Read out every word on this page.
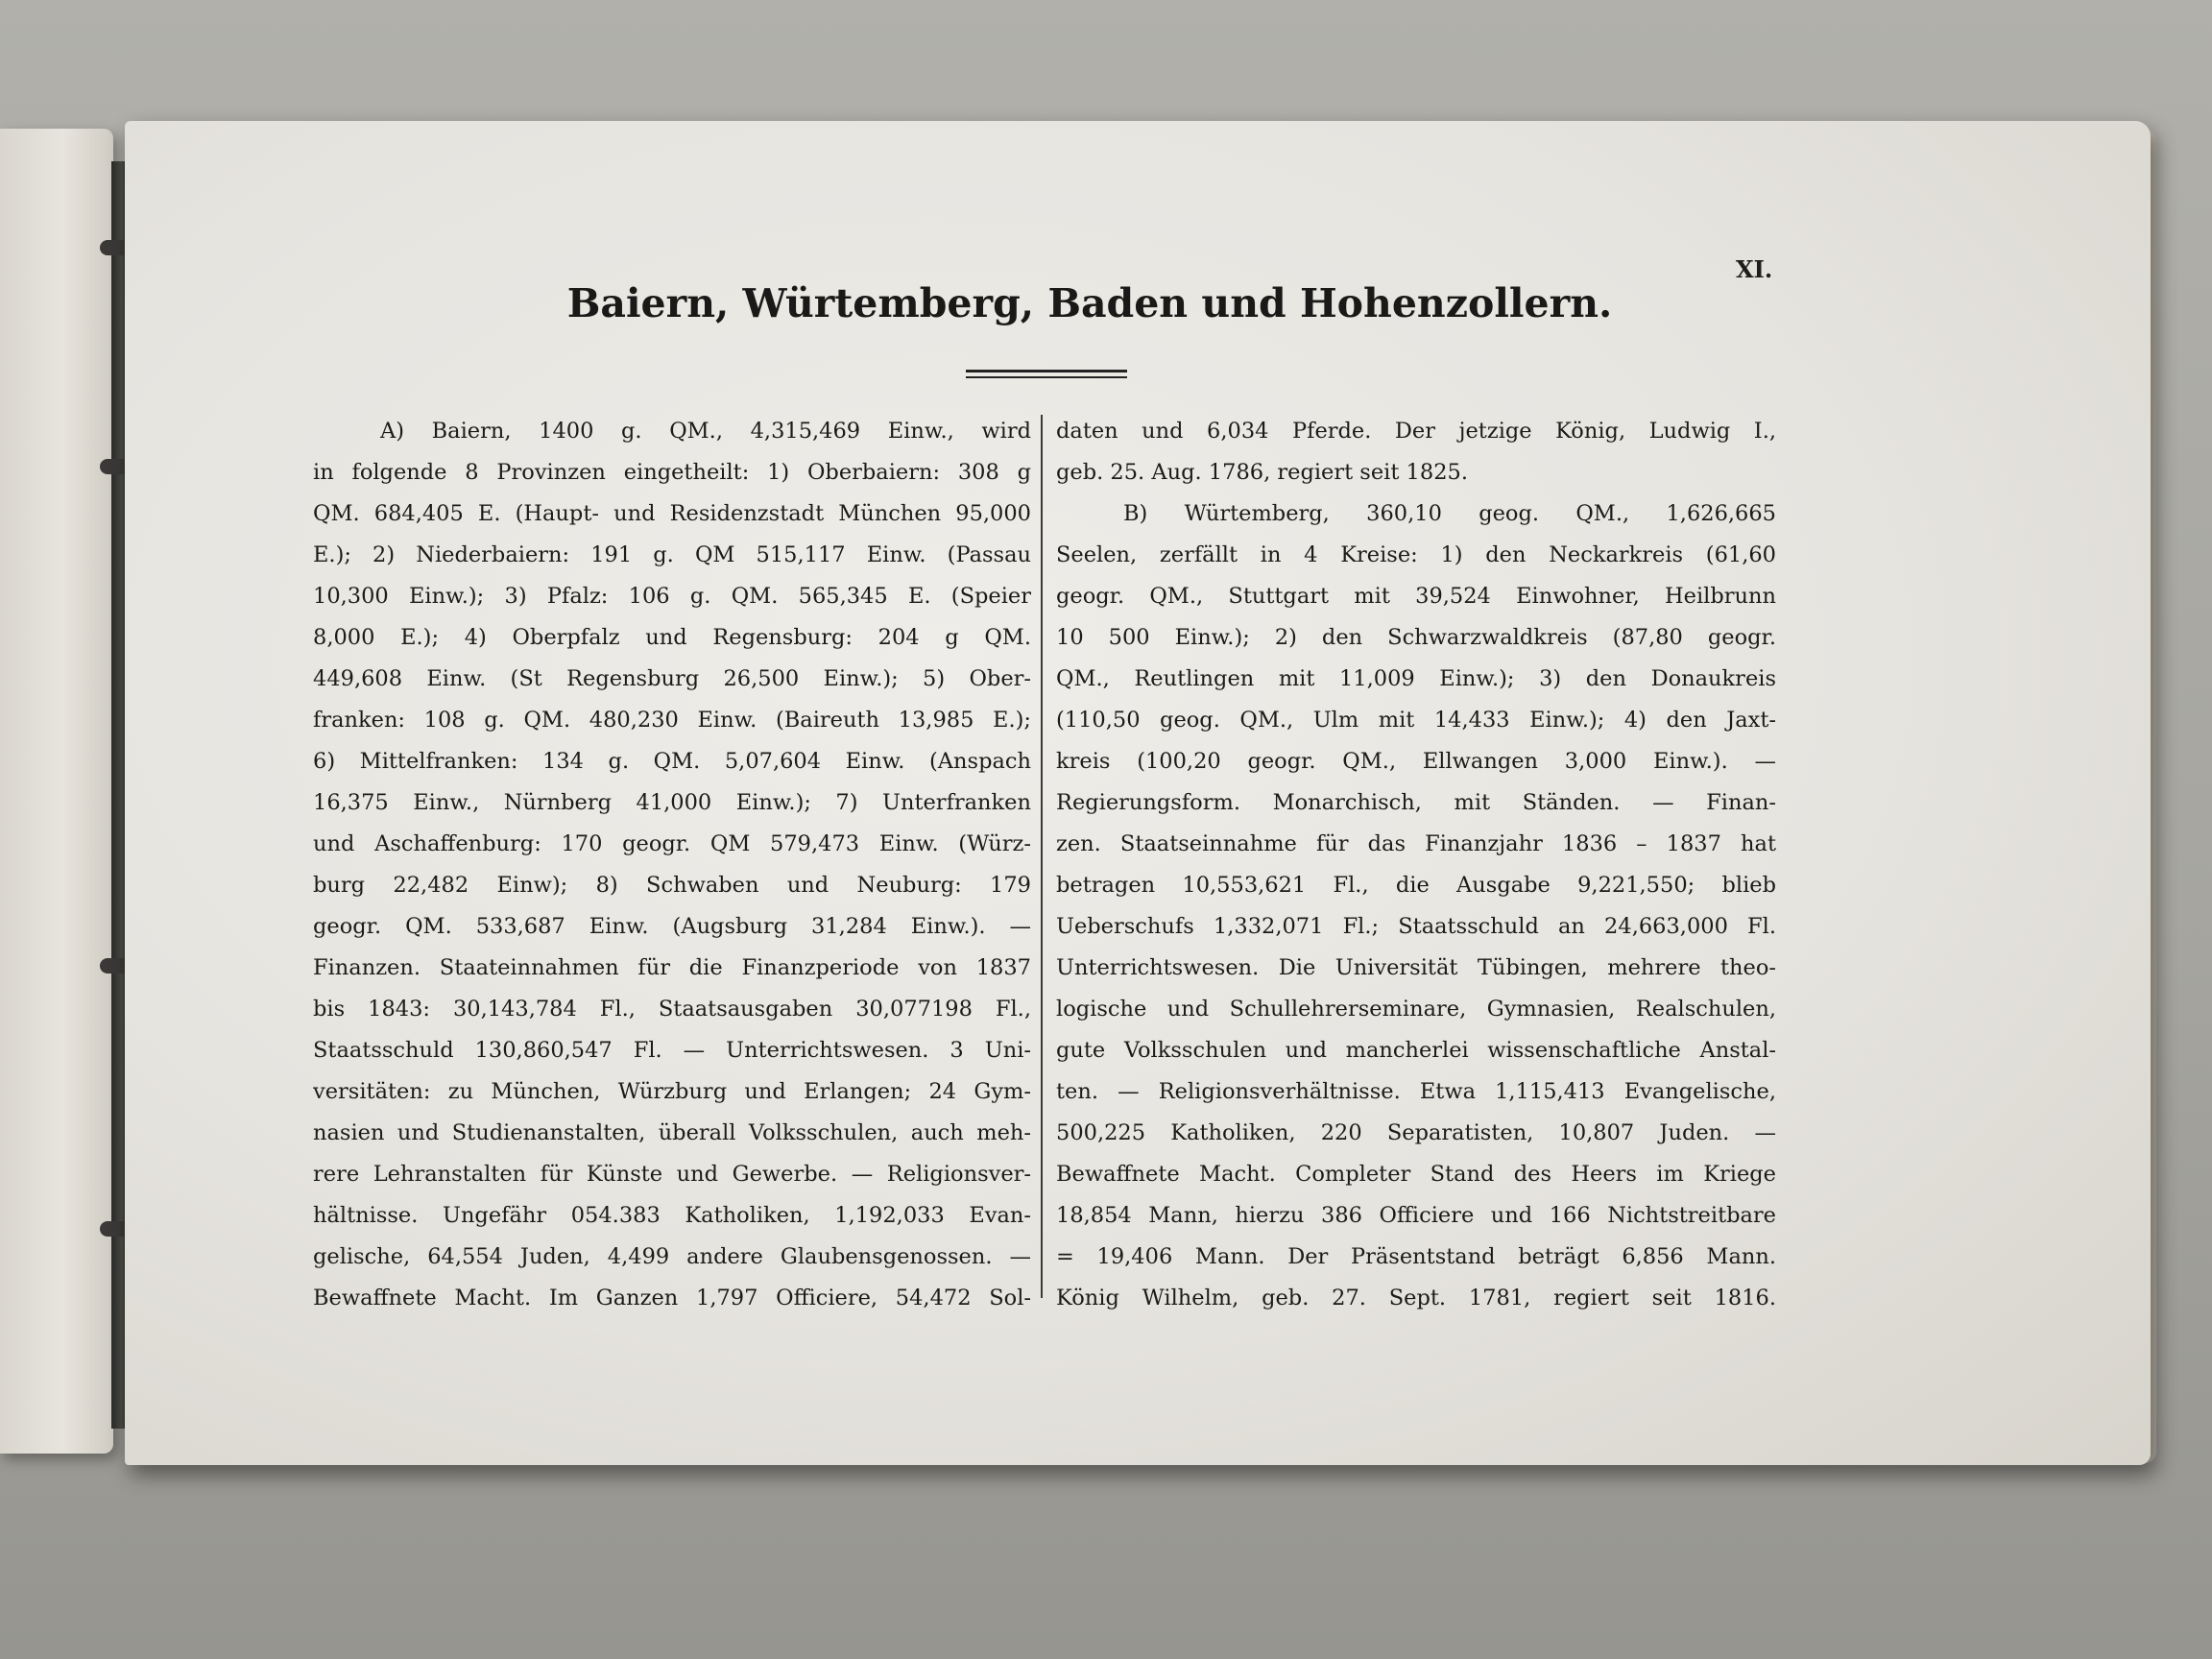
XI.
Baiern, Würtemberg, Baden und Hohenzollern.
A) Baiern, 1400 g. QM., 4,315,469 Einw., wird
in folgende 8 Provinzen eingetheilt: 1) Oberbaiern: 308 g
QM. 684,405 E. (Haupt- und Residenzstadt München 95,000
E.); 2) Niederbaiern: 191 g. QM 515,117 Einw. (Passau
10,300 Einw.); 3) Pfalz: 106 g. QM. 565,345 E. (Speier
8,000 E.); 4) Oberpfalz und Regensburg: 204 g QM.
449,608 Einw. (St Regensburg 26,500 Einw.); 5) Ober-
franken: 108 g. QM. 480,230 Einw. (Baireuth 13,985 E.);
6) Mittelfranken: 134 g. QM. 5,07,604 Einw. (Anspach
16,375 Einw., Nürnberg 41,000 Einw.); 7) Unterfranken
und Aschaffenburg: 170 geogr. QM 579,473 Einw. (Würz-
burg 22,482 Einw); 8) Schwaben und Neuburg: 179
geogr. QM. 533,687 Einw. (Augsburg 31,284 Einw.). —
Finanzen. Staateinnahmen für die Finanzperiode von 1837
bis 1843: 30,143,784 Fl., Staatsausgaben 30,077198 Fl.,
Staatsschuld 130,860,547 Fl. — Unterrichtswesen. 3 Uni-
versitäten: zu München, Würzburg und Erlangen; 24 Gym-
nasien und Studienanstalten, überall Volksschulen, auch meh-
rere Lehranstalten für Künste und Gewerbe. — Religionsver-
hältnisse. Ungefähr 054.383 Katholiken, 1,192,033 Evan-
gelische, 64,554 Juden, 4,499 andere Glaubensgenossen. —
Bewaffnete Macht. Im Ganzen 1,797 Officiere, 54,472 Sol-
daten und 6,034 Pferde. Der jetzige König, Ludwig I.,
geb. 25. Aug. 1786, regiert seit 1825.
B) Würtemberg, 360,10 geog. QM., 1,626,665
Seelen, zerfällt in 4 Kreise: 1) den Neckarkreis (61,60
geogr. QM., Stuttgart mit 39,524 Einwohner, Heilbrunn
10 500 Einw.); 2) den Schwarzwaldkreis (87,80 geogr.
QM., Reutlingen mit 11,009 Einw.); 3) den Donaukreis
(110,50 geog. QM., Ulm mit 14,433 Einw.); 4) den Jaxt-
kreis (100,20 geogr. QM., Ellwangen 3,000 Einw.). —
Regierungsform. Monarchisch, mit Ständen. — Finan-
zen. Staatseinnahme für das Finanzjahr 1836 – 1837 hat
betragen 10,553,621 Fl., die Ausgabe 9,221,550; blieb
Ueberschufs 1,332,071 Fl.; Staatsschuld an 24,663,000 Fl.
Unterrichtswesen. Die Universität Tübingen, mehrere theo-
logische und Schullehrerseminare, Gymnasien, Realschulen,
gute Volksschulen und mancherlei wissenschaftliche Anstal-
ten. — Religionsverhältnisse. Etwa 1,115,413 Evangelische,
500,225 Katholiken, 220 Separatisten, 10,807 Juden. —
Bewaffnete Macht. Completer Stand des Heers im Kriege
18,854 Mann, hierzu 386 Officiere und 166 Nichtstreitbare
= 19,406 Mann. Der Präsentstand beträgt 6,856 Mann.
König Wilhelm, geb. 27. Sept. 1781, regiert seit 1816.
